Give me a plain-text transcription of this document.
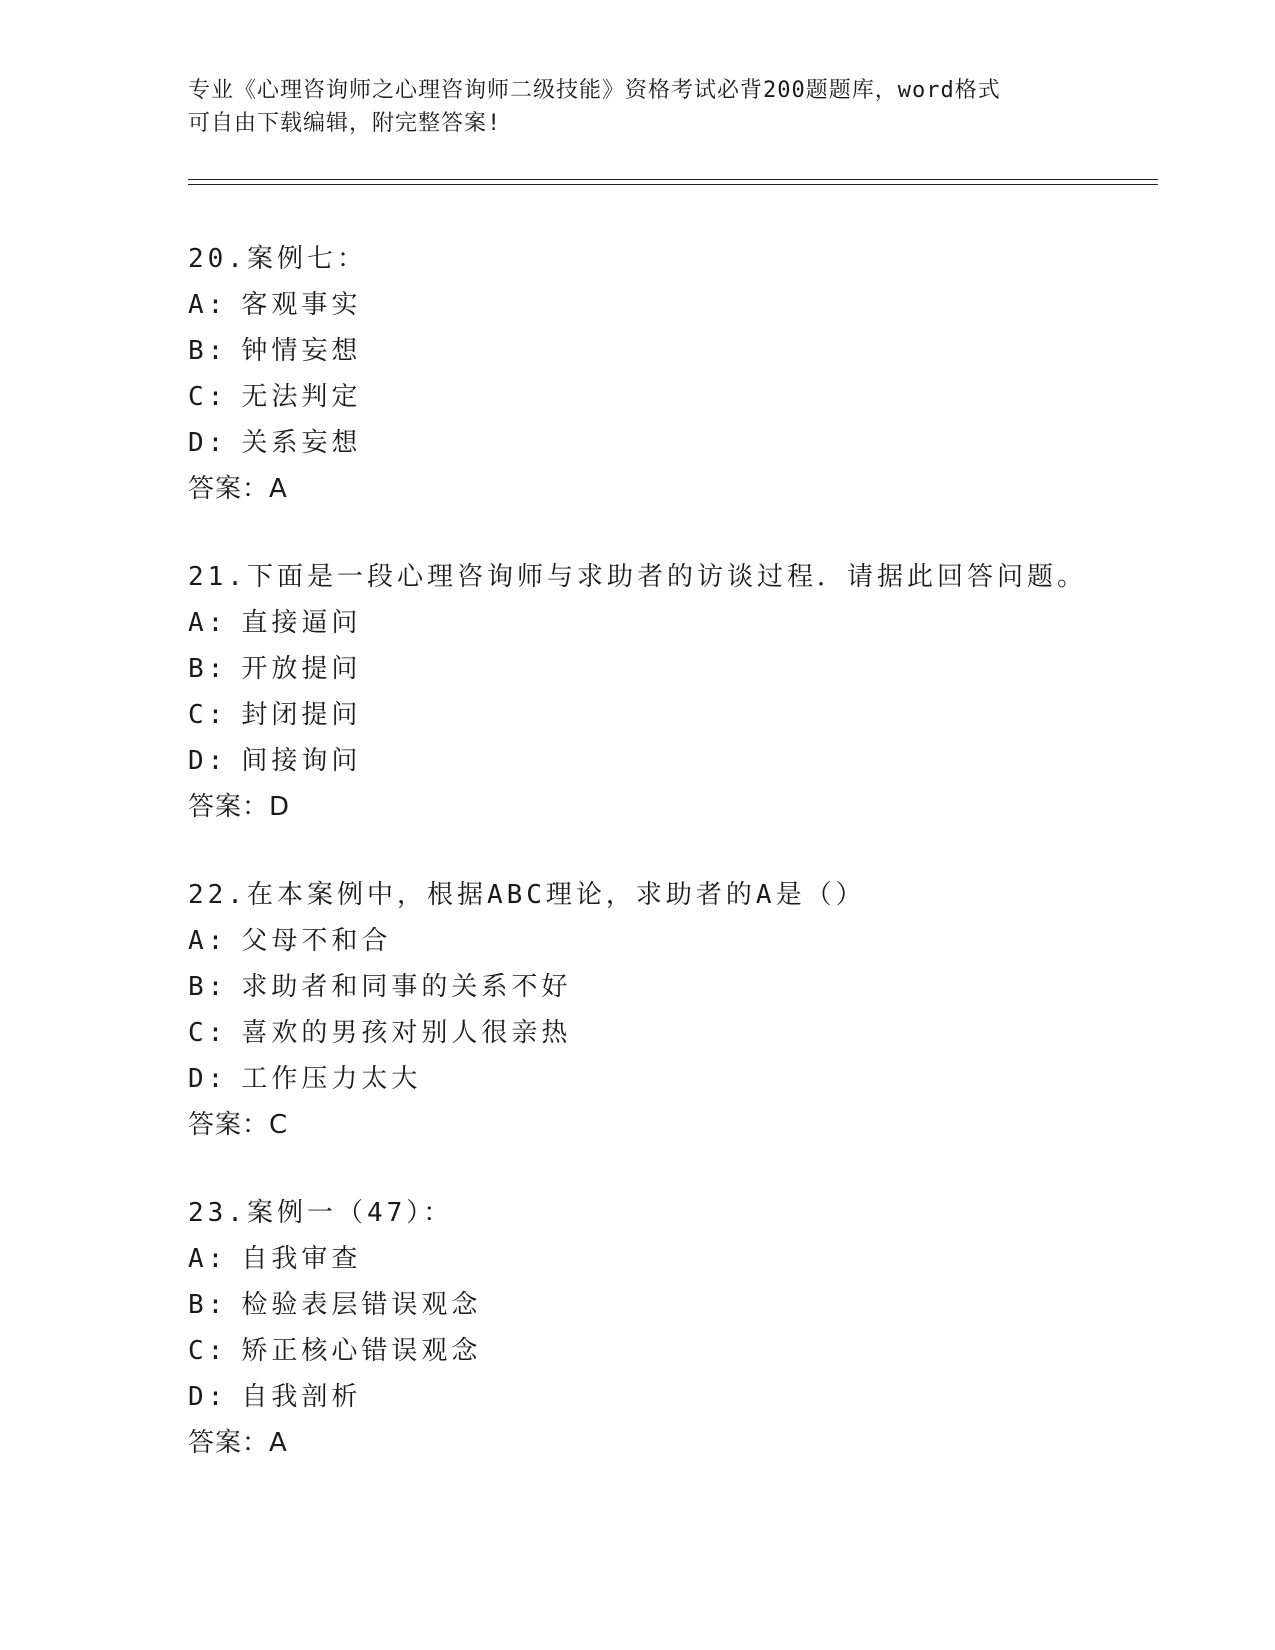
专业《心理咨询师之心理咨询师二级技能》资格考试必背200题题库，word格式
可自由下载编辑，附完整答案!
20.案例七：
A: 客观事实
B: 钟情妄想
C: 无法判定
D: 关系妄想
答案：A
21.下面是一段心理咨询师与求助者的访谈过程．请据此回答问题。
A: 直接逼问
B: 开放提问
C: 封闭提问
D: 间接询问
答案：D
22.在本案例中，根据ABC理论，求助者的A是（）
A: 父母不和合
B: 求助者和同事的关系不好
C: 喜欢的男孩对别人很亲热
D: 工作压力太大
答案：C
23.案例一（47）：
A: 自我审查
B: 检验表层错误观念
C: 矫正核心错误观念
D: 自我剖析
答案：A
